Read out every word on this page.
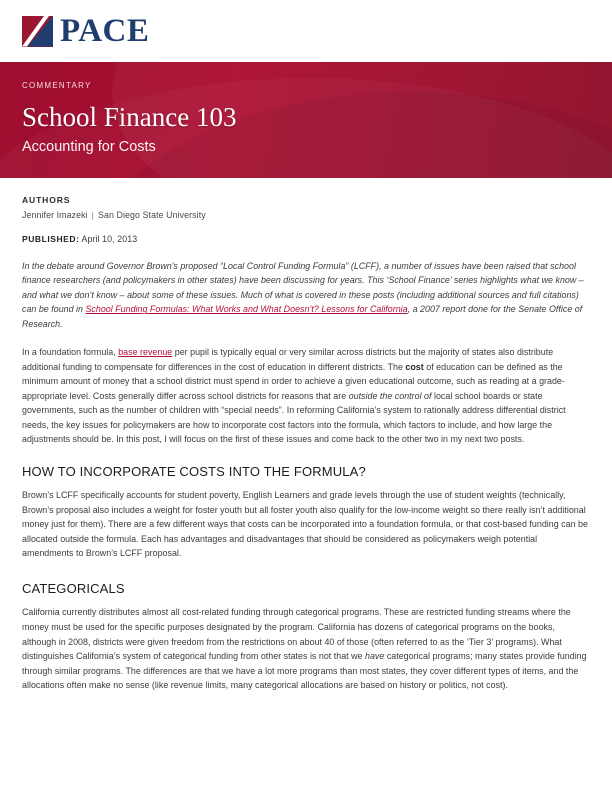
PACE
COMMENTARY
School Finance 103
Accounting for Costs
AUTHORS
Jennifer Imazeki | San Diego State University
PUBLISHED: April 10, 2013
In the debate around Governor Brown's proposed “Local Control Funding Formula” (LCFF), a number of issues have been raised that school finance researchers (and policymakers in other states) have been discussing for years. This ‘School Finance’ series highlights what we know – and what we don’t know – about some of these issues. Much of what is covered in these posts (including additional sources and full citations) can be found in School Funding Formulas: What Works and What Doesn’t? Lessons for California, a 2007 report done for the Senate Office of Research.

In a foundation formula, base revenue per pupil is typically equal or very similar across districts but the majority of states also distribute additional funding to compensate for differences in the cost of education in different districts. The cost of education can be defined as the minimum amount of money that a school district must spend in order to achieve a given educational outcome, such as reading at a grade-appropriate level. Costs generally differ across school districts for reasons that are outside the control of local school boards or state governments, such as the number of children with “special needs”. In reforming California’s system to rationally address differential district needs, the key issues for policymakers are how to incorporate cost factors into the formula, which factors to include, and how large the adjustments should be. In this post, I will focus on the first of these issues and come back to the other two in my next two posts.

HOW TO INCORPORATE COSTS INTO THE FORMULA?

Brown’s LCFF specifically accounts for student poverty, English Learners and grade levels through the use of student weights (technically, Brown’s proposal also includes a weight for foster youth but all foster youth also qualify for the low-income weight so there really isn’t additional money just for them). There are a few different ways that costs can be incorporated into a foundation formula, or that cost-based funding can be allocated outside the formula. Each has advantages and disadvantages that should be considered as policymakers weigh potential amendments to Brown’s LCFF proposal.

CATEGORICALS

California currently distributes almost all cost-related funding through categorical programs. These are restricted funding streams where the money must be used for the specific purposes designated by the program. California has dozens of categorical programs on the books, although in 2008, districts were given freedom from the restrictions on about 40 of those (often referred to as the ‘Tier 3’ programs). What distinguishes California’s system of categorical funding from other states is not that we have categorical programs; many states provide funding through similar programs. The differences are that we have a lot more programs than most states, they cover different types of items, and the allocations often make no sense (like revenue limits, many categorical allocations are based on history or politics, not cost).
